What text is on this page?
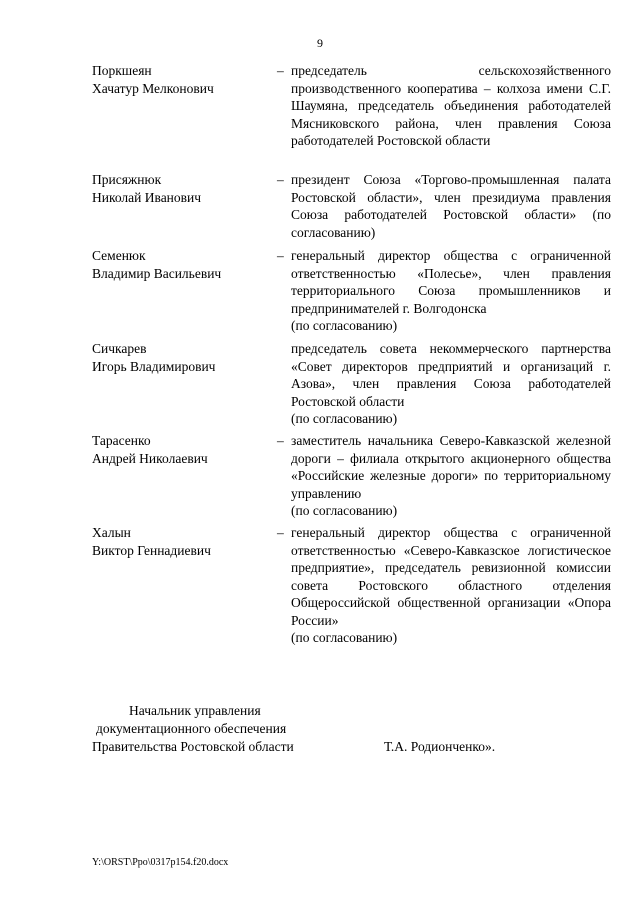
9
Поркшеян
Хачатур Мелконович
– председатель сельскохозяйственного производственного кооператива – колхоза имени С.Г. Шаумяна, председатель объединения работодателей Мясниковского района, член правления Союза работодателей Ростовской области
Присяжнюк
Николай Иванович
– президент Союза «Торгово-промышленная палата Ростовской области», член президиума правления Союза работодателей Ростовской области» (по согласованию)
Семенюк
Владимир Васильевич
– генеральный директор общества с ограниченной ответственностью «Полесье», член правления территориального Союза промышленников и предпринимателей г. Волгодонска
(по согласованию)
Сичкарев
Игорь Владимирович
председатель совета некоммерческого партнерства «Совет директоров предприятий и организаций г. Азова», член правления Союза работодателей Ростовской области
(по согласованию)
Тарасенко
Андрей Николаевич
– заместитель начальника Северо-Кавказской железной дороги – филиала открытого акционерного общества «Российские железные дороги» по территориальному управлению
(по согласованию)
Халын
Виктор Геннадиевич
– генеральный директор общества с ограниченной ответственностью «Северо-Кавказское логистическое предприятие», председатель ревизионной комиссии совета Ростовского областного отделения Общероссийской общественной организации «Опора России»
(по согласованию)
Начальник управления
документационного обеспечения
Правительства Ростовской области	Т.А. Родионченко».
Y:\ORST\Ppo\0317p154.f20.docx
